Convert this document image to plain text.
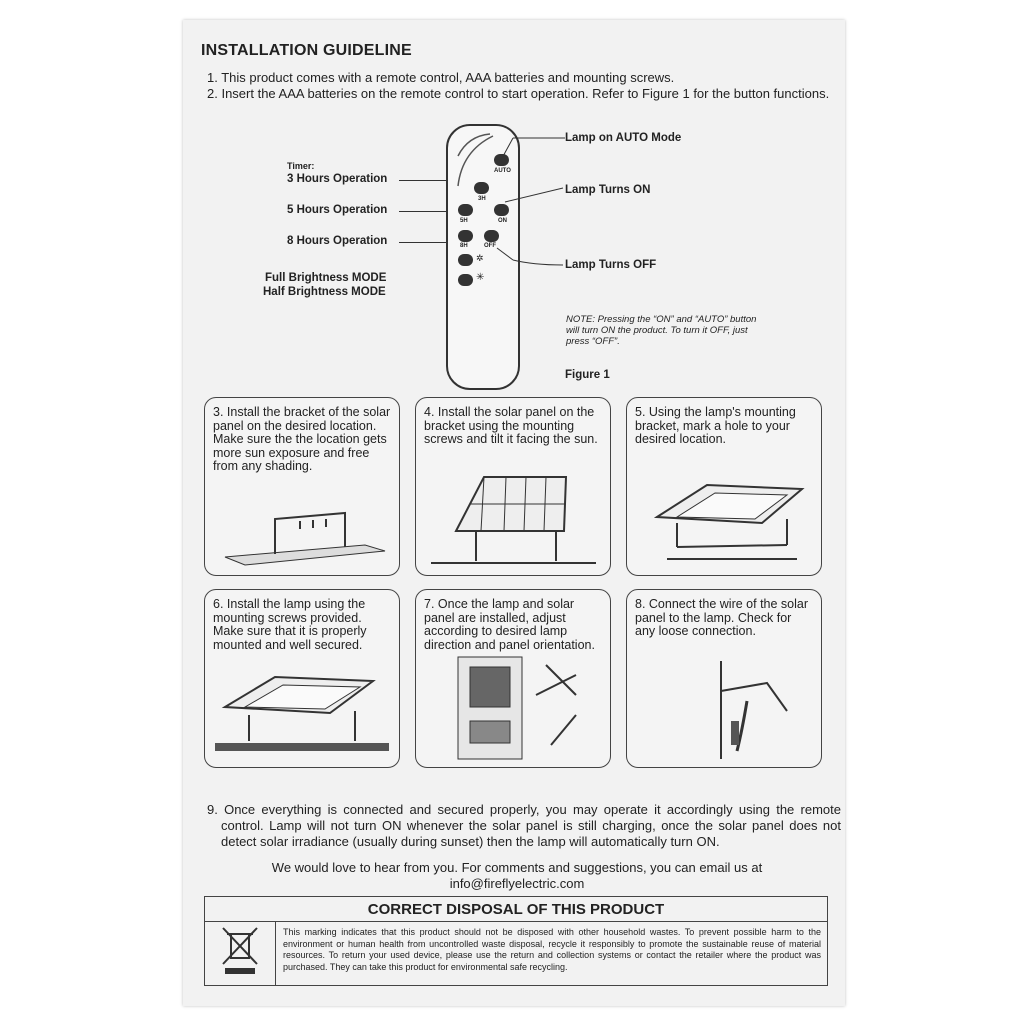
INSTALLATION GUIDELINE
1. This product comes with a remote control, AAA batteries and mounting screws.
2. Insert the AAA batteries on the remote control to start operation. Refer to Figure 1 for the button functions.
Timer:
3 Hours Operation
5 Hours Operation
8 Hours Operation
Full Brightness MODE
Half Brightness MODE
AUTO
3H
ON
5H
8H	OFF
✲
✳
Lamp on AUTO Mode
Lamp Turns ON
Lamp Turns OFF
NOTE: Pressing the “ON” and “AUTO” button will turn ON the product. To turn it OFF, just press “OFF”.
Figure 1
3. Install the bracket of the solar panel on the desired location. Make sure the the location gets more sun exposure and free from any shading.
4. Install the solar panel on the bracket using the mounting screws and tilt it facing the sun.
5. Using the lamp's mounting bracket, mark a hole to your desired location.
6. Install the lamp using the mounting screws provided. Make sure that it is properly mounted and well secured.
7. Once the lamp and solar panel are installed, adjust according to desired lamp direction and panel orientation.
8. Connect the wire of the solar panel to the lamp. Check for any loose connection.
9. Once everything is connected and secured properly, you may operate it accordingly using the remote control. Lamp will not turn ON whenever the solar panel is still charging, once the solar panel does not detect solar irradiance (usually during sunset) then the lamp will automatically turn ON.
We would love to hear from you. For comments and suggestions, you can email us at
info@fireflyelectric.com
CORRECT DISPOSAL OF THIS PRODUCT
This marking indicates that this product should not be disposed with other household wastes. To prevent possible harm to the environment or human health from uncontrolled waste disposal, recycle it responsibly to promote the sustainable reuse of material resources. To return your used device, please use the return and collection systems or contact the retailer where the product was purchased. They can take this product for environmental safe recycling.
